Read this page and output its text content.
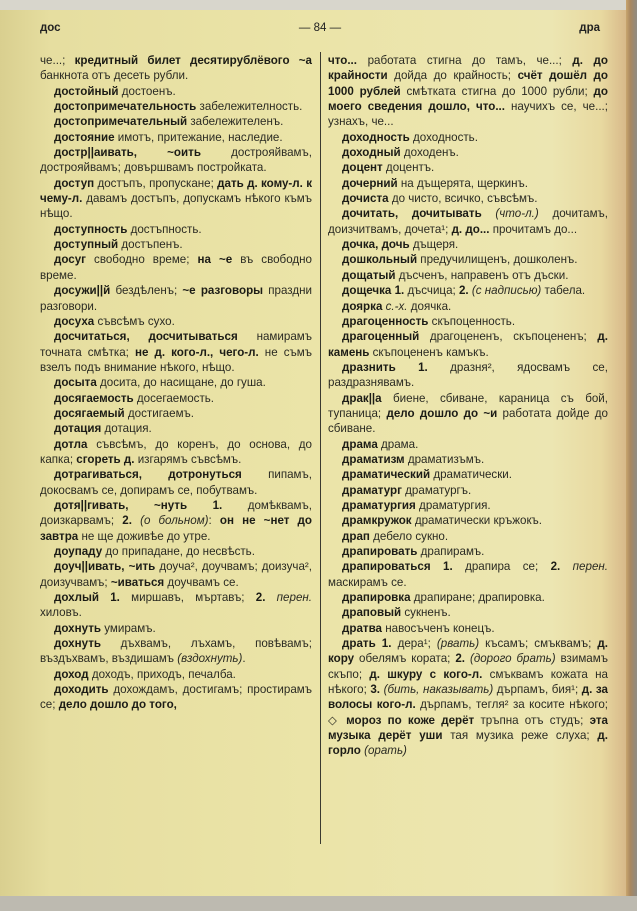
дос	— 84 —	дра

че...; кредитный билет десятирублёвого ~а банкнота отъ десеть рубли.

достойный достоенъ.

достопримечательность забележителность.

достопримечательный забележителенъ.

достояние имотъ, притежание, наследие.

достр||аивать, ~оить дострояйвамъ, дострояйвамъ; довършвамъ постройката.

доступ достъпъ, пропускане; дать д. кому-л. к чему-л. давамъ достъпъ, допускамъ нѣкого къмъ нѣщо.

доступность достъпность.

доступный достъпенъ.

досуг свободно време; на ~е въ свободно време.

досужи||й бездѣленъ; ~е разговоры праздни разговори.

досуха съвсѣмъ сухо.

досчитаться, досчитываться намирамъ точната смѣтка; не д. кого-л., чего-л. не съмъ взелъ подъ внимание нѣкого, нѣщо.

досыта досита, до насищане, до гуша.

досягаемость досегаемость.

досягаемый достигаемъ.

дотация дотация.

дотла съвсѣмъ, до коренъ, до основа, до капка; сгореть д. изгарямъ съвсѣмъ.

дотрагиваться, дотронуться пипамъ, докосвамъ се, допирамъ се, побутвамъ.

дотя||гивать, ~нуть 1. домѣквамъ, доизкарвамъ; 2. (о больном): он не ~нет до завтра не ще доживѣе до утре.

доупаду до припадане, до несвѣсть.

доуч||ивать, ~ить доуча², доучвамъ; доизуча², доизучвамъ; ~иваться доучвамъ се.

дохлый 1. миршавъ, мъртавъ; 2. перен. хиловъ.

дохнуть умирамъ.

дохнуть дъхвамъ, лъхамъ, повѣвамъ; въздъхвамъ, въздишамъ (вздохнуть).

доход доходъ, приходъ, печалба.

доходить дохождамъ, достигамъ; простирамъ се; дело дошло до того,

что... работата стигна до тамъ, че...; д. до крайности дойда до крайность; счёт дошёл до 1000 рублей смѣтката стигна до 1000 рубли; до моего сведения дошло, что... научихъ се, че...; узнахъ, че...

доходность доходность.

доходный доходенъ.

доцент доцентъ.

дочерний на дъщерята, щеркинъ.

дочиста до чисто, всичко, съвсѣмъ.

дочитать, дочитывать (что-л.) дочитамъ, доизчитвамъ, дочета¹; д. до... прочитамъ до...

дочка, дочь дъщеря.

дошкольный предучилищенъ, дошколенъ.

дощатый дъсченъ, направенъ отъ дъски.

дощечка 1. дъсчица; 2. (с надписью) табела.

доярка с.-х. доячка.

драгоценность скъпоценность.

драгоценный драгоцененъ, скъпоцененъ; д. камень скъпоцененъ камъкъ.

дразнить 1. дразня², ядосвамъ се, раздразнявамъ.

драк||а биене, сбиване, караница съ бой, тупаница; дело дошло до ~и работата дойде до сбиване.

драма драма.

драматизм драматизъмъ.

драматический драматически.

драматург драматургъ.

драматургия драматургия.

драмкружок драматически кръжокъ.

драп дебело сукно.

драпировать драпирамъ.

драпироваться 1. драпира се; 2. перен. маскирамъ се.

драпировка драпиране; драпировка.

драповый сукненъ.

дратва навосъченъ конецъ.

драть 1. дера¹; (рвать) късамъ; смъквамъ; д. кору обелямъ кората; 2. (дорого брать) взимамъ скъпо; д. шкуру с кого-л. смъквамъ кожата на нѣкого; 3. (бить, наказывать) дърпамъ, бия¹; д. за волосы кого-л. дърпамъ, тегля² за косите нѣкого; ◇ мороз по коже дерёт тръпна отъ студъ; эта музыка дерёт уши тая музика реже слуха; д. горло (орать)
